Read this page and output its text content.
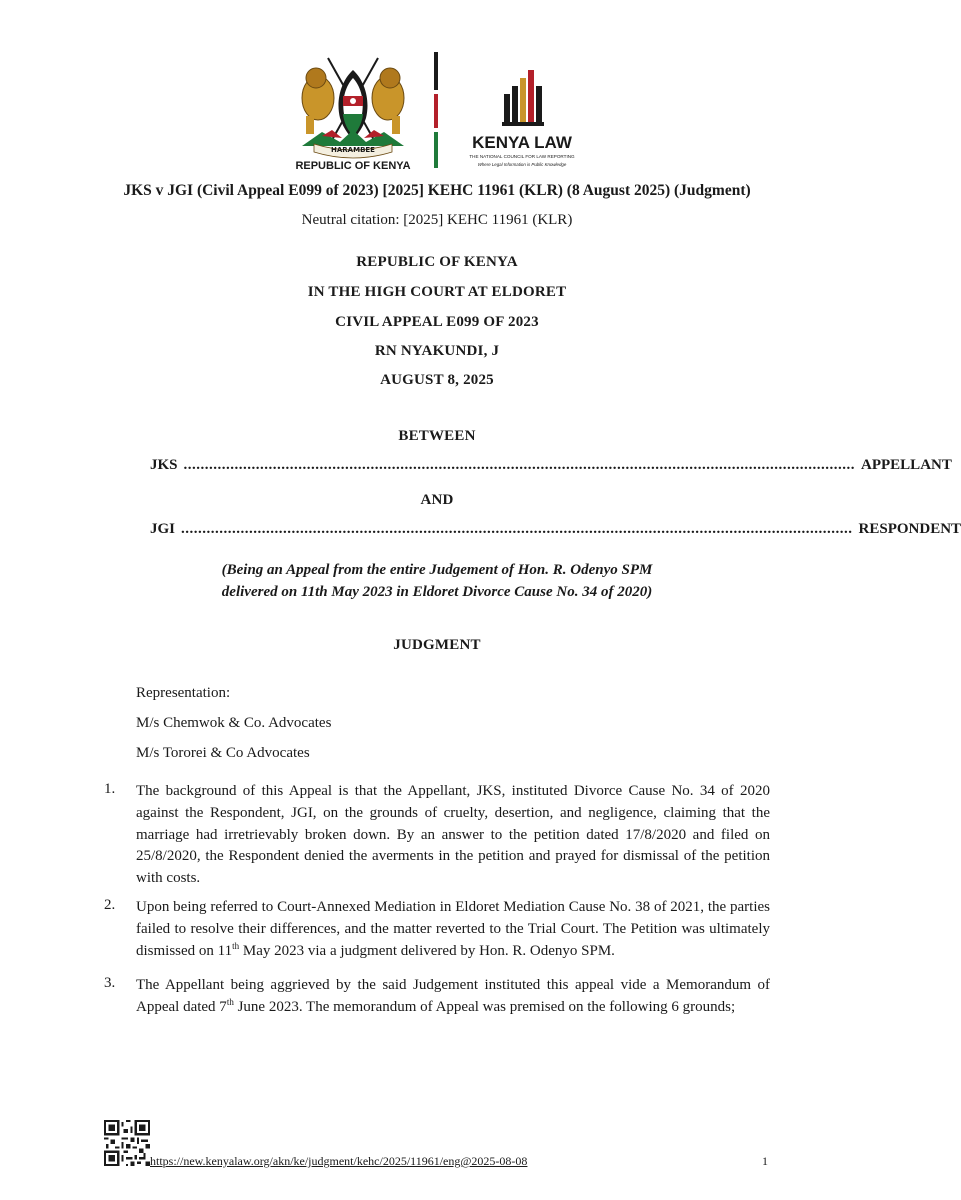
HARAMBEE
REPUBLIC OF KENYA
KENYA LAW
THE NATIONAL COUNCIL FOR LAW REPORTING
Where Legal Information is Public Knowledge
JKS v JGI (Civil Appeal E099 of 2023) [2025] KEHC 11961 (KLR) (8 August 2025) (Judgment)
Neutral citation: [2025] KEHC 11961 (KLR)
REPUBLIC OF KENYA
IN THE HIGH COURT AT ELDORET
CIVIL APPEAL E099 OF 2023
RN NYAKUNDI, J
AUGUST 8, 2025
BETWEEN
JKS .............................................................................................................................................................. APPELLANT
AND
JGI .............................................................................................................................................................. RESPONDENT
(Being an Appeal from the entire Judgement of Hon. R. Odenyo SPM
delivered on 11th May 2023 in Eldoret Divorce Cause No. 34 of 2020)
JUDGMENT
Representation:
M/s Chemwok & Co. Advocates
M/s Tororei & Co Advocates
1. The background of this Appeal is that the Appellant, JKS, instituted Divorce Cause No. 34 of 2020 against the Respondent, JGI, on the grounds of cruelty, desertion, and negligence, claiming that the marriage had irretrievably broken down. By an answer to the petition dated 17/8/2020 and filed on 25/8/2020, the Respondent denied the averments in the petition and prayed for dismissal of the petition with costs.
2. Upon being referred to Court-Annexed Mediation in Eldoret Mediation Cause No. 38 of 2021, the parties failed to resolve their differences, and the matter reverted to the Trial Court. The Petition was ultimately dismissed on 11th May 2023 via a judgment delivered by Hon. R. Odenyo SPM.
3. The Appellant being aggrieved by the said Judgement instituted this appeal vide a Memorandum of Appeal dated 7th June 2023. The memorandum of Appeal was premised on the following 6 grounds;
https://new.kenyalaw.org/akn/ke/judgment/kehc/2025/11961/eng@2025-08-08	1
